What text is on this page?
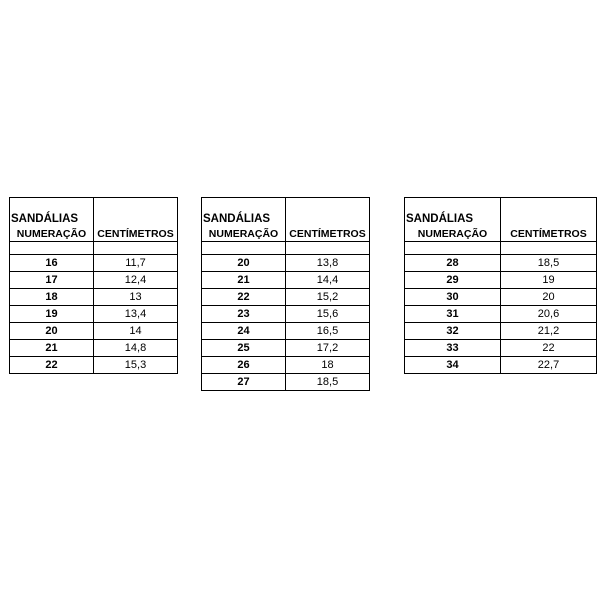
SANDÁLIAS	
NUMERAÇÃO	CENTÍMETROS

16	11,7
17	12,4
18	13
19	13,4
20	14
21	14,8
22	15,3
SANDÁLIAS	
NUMERAÇÃO	CENTÍMETROS

20	13,8
21	14,4
22	15,2
23	15,6
24	16,5
25	17,2
26	18
27	18,5
SANDÁLIAS	
NUMERAÇÃO	CENTÍMETROS

28	18,5
29	19
30	20
31	20,6
32	21,2
33	22
34	22,7
